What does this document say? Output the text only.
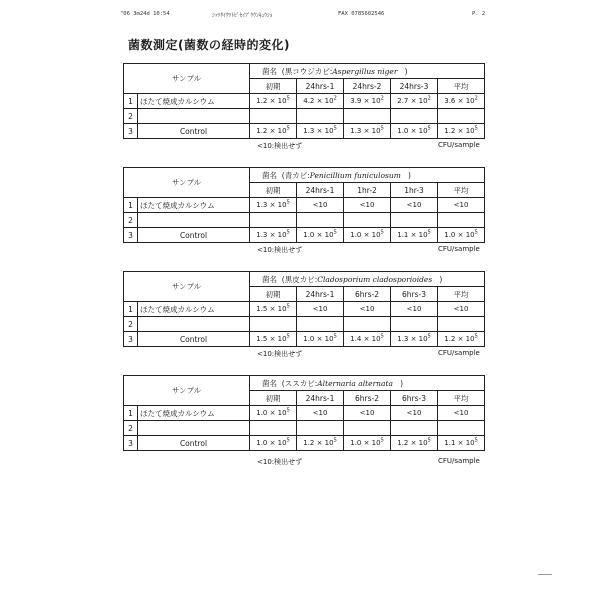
"06 3m24d 10:54	ｼｯﾂﾀｲｳﾂﾄﾋﾟｾｲﾌﾟｳｳﾝｷｭｳｼｮ	FAX 0785602546	P. 2
菌数測定(菌数の経時的変化)
サンプル		菌名 (黒コウジカビ:Aspergillus niger )				
		初期	24hrs-1	24hrs-2	24hrs-3	平均
1	ほたて焼成カルシウム	$1.2 \times 10^5$	$4.2 \times 10^2$	$3.9 \times 10^2$	$2.7 \times 10^2$	$3.6 \times 10^2$
2						
3	Control	$1.2 \times 10^5$	$1.3 \times 10^5$	$1.3 \times 10^5$	$1.0 \times 10^5$	$1.2 \times 10^5$
<10:検出せず	CFU/sample
サンプル		菌名 (青カビ:Penicillium funiculosum )				
		初期	24hrs-1	1hr-2	1hr-3	平均
1	ほたて焼成カルシウム	$1.3 \times 10^5$	<10	<10	<10	<10
2						
3	Control	$1.3 \times 10^5$	$1.0 \times 10^5$	$1.0 \times 10^5$	$1.1 \times 10^5$	$1.0 \times 10^5$
<10:検出せず	CFU/sample
サンプル		菌名 (黒皮カビ:Cladosporium cladosporioides )				
		初期	24hrs-1	6hrs-2	6hrs-3	平均
1	ほたて焼成カルシウム	$1.5 \times 10^5$	<10	<10	<10	<10
2						
3	Control	$1.5 \times 10^5$	$1.0 \times 10^5$	$1.4 \times 10^5$	$1.3 \times 10^5$	$1.2 \times 10^5$
<10:検出せず	CFU/sample
サンプル		菌名 (ススカビ:Alternaria alternata )				
		初期	24hrs-1	6hrs-2	6hrs-3	平均
1	ほたて焼成カルシウム	$1.0 \times 10^5$	<10	<10	<10	<10
2						
3	Control	$1.0 \times 10^5$	$1.2 \times 10^5$	$1.0 \times 10^5$	$1.2 \times 10^5$	$1.1 \times 10^5$
<10:検出せず	CFU/sample
